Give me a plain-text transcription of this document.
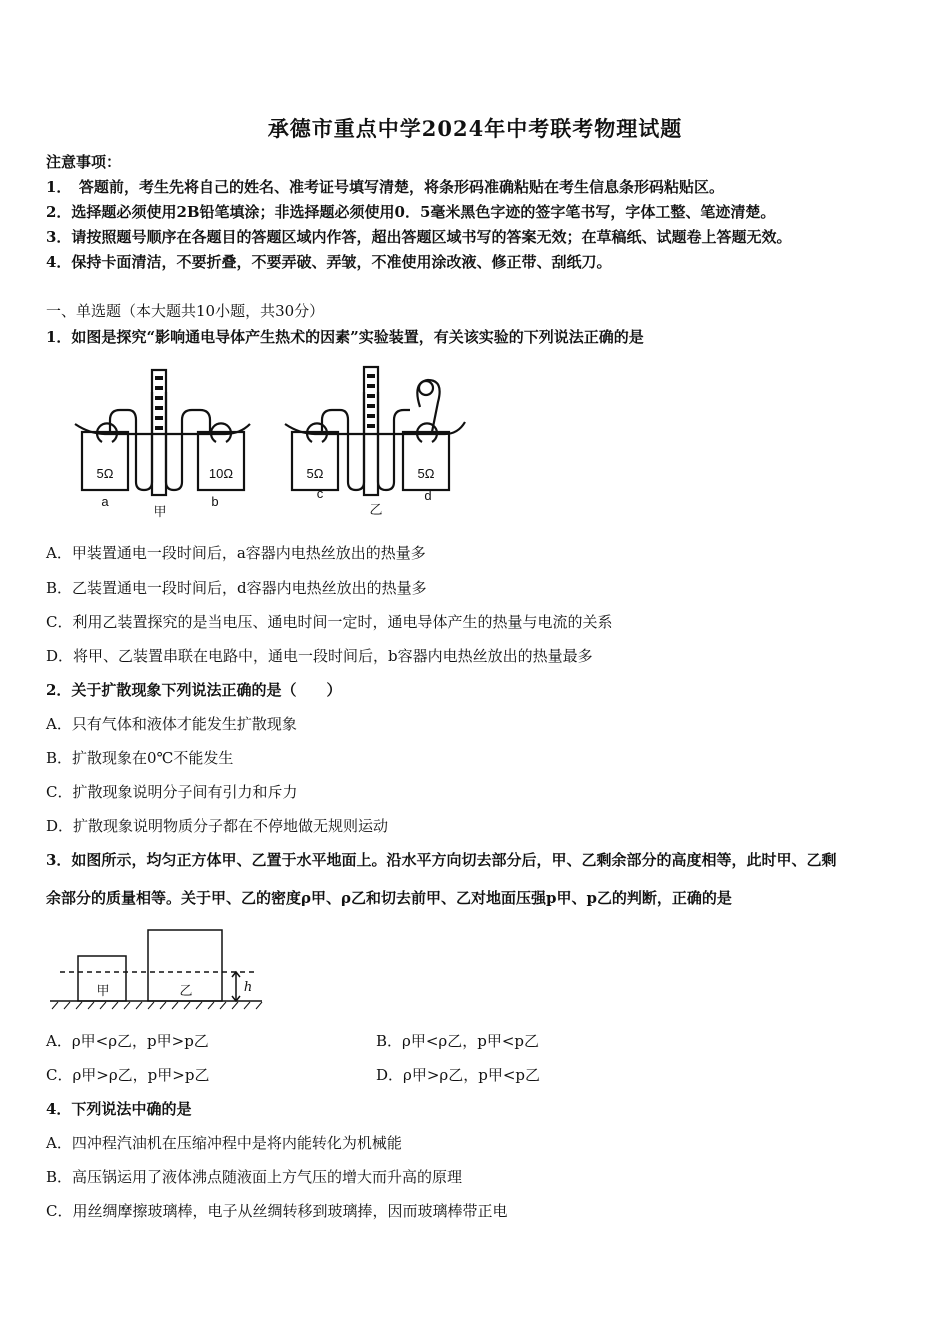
承德市重点中学2024年中考联考物理试题
注意事项：
1．　答题前，考生先将自己的姓名、准考证号填写清楚，将条形码准确粘贴在考生信息条形码粘贴区。
2．选择题必须使用2B铅笔填涂；非选择题必须使用0．5毫米黑色字迹的签字笔书写，字体工整、笔迹清楚。
3．请按照题号顺序在各题目的答题区域内作答，超出答题区域书写的答案无效；在草稿纸、试题卷上答题无效。
4．保持卡面清洁，不要折叠，不要弄破、弄皱，不准使用涂改液、修正带、刮纸刀。
一、单选题（本大题共10小题，共30分）
1．如图是探究“影响通电导体产生热术的因素”实验装置，有关该实验的下列说法正确的是
5Ω	10Ω
a	b
甲
5Ω	5Ω
c	d
乙
A．甲装置通电一段时间后，a容器内电热丝放出的热量多
B．乙装置通电一段时间后，d容器内电热丝放出的热量多
C．利用乙装置探究的是当电压、通电时间一定时，通电导体产生的热量与电流的关系
D．将甲、乙装置串联在电路中，通电一段时间后，b容器内电热丝放出的热量最多
2．关于扩散现象下列说法正确的是（　　）
A．只有气体和液体才能发生扩散现象
B．扩散现象在0℃不能发生
C．扩散现象说明分子间有引力和斥力
D．扩散现象说明物质分子都在不停地做无规则运动
3．如图所示，均匀正方体甲、乙置于水平地面上。沿水平方向切去部分后，甲、乙剩余部分的高度相等，此时甲、乙剩
余部分的质量相等。关于甲、乙的密度ρ甲、ρ乙和切去前甲、乙对地面压强p甲、p乙的判断，正确的是
甲	乙	h
A．ρ甲<ρ乙，p甲>p乙	B．ρ甲<ρ乙，p甲<p乙
C．ρ甲>ρ乙，p甲>p乙	D．ρ甲>ρ乙，p甲<p乙
4．下列说法中确的是
A．四冲程汽油机在压缩冲程中是将内能转化为机械能
B．高压锅运用了液体沸点随液面上方气压的增大而升高的原理
C．用丝绸摩擦玻璃棒，电子从丝绸转移到玻璃捧，因而玻璃棒带正电
